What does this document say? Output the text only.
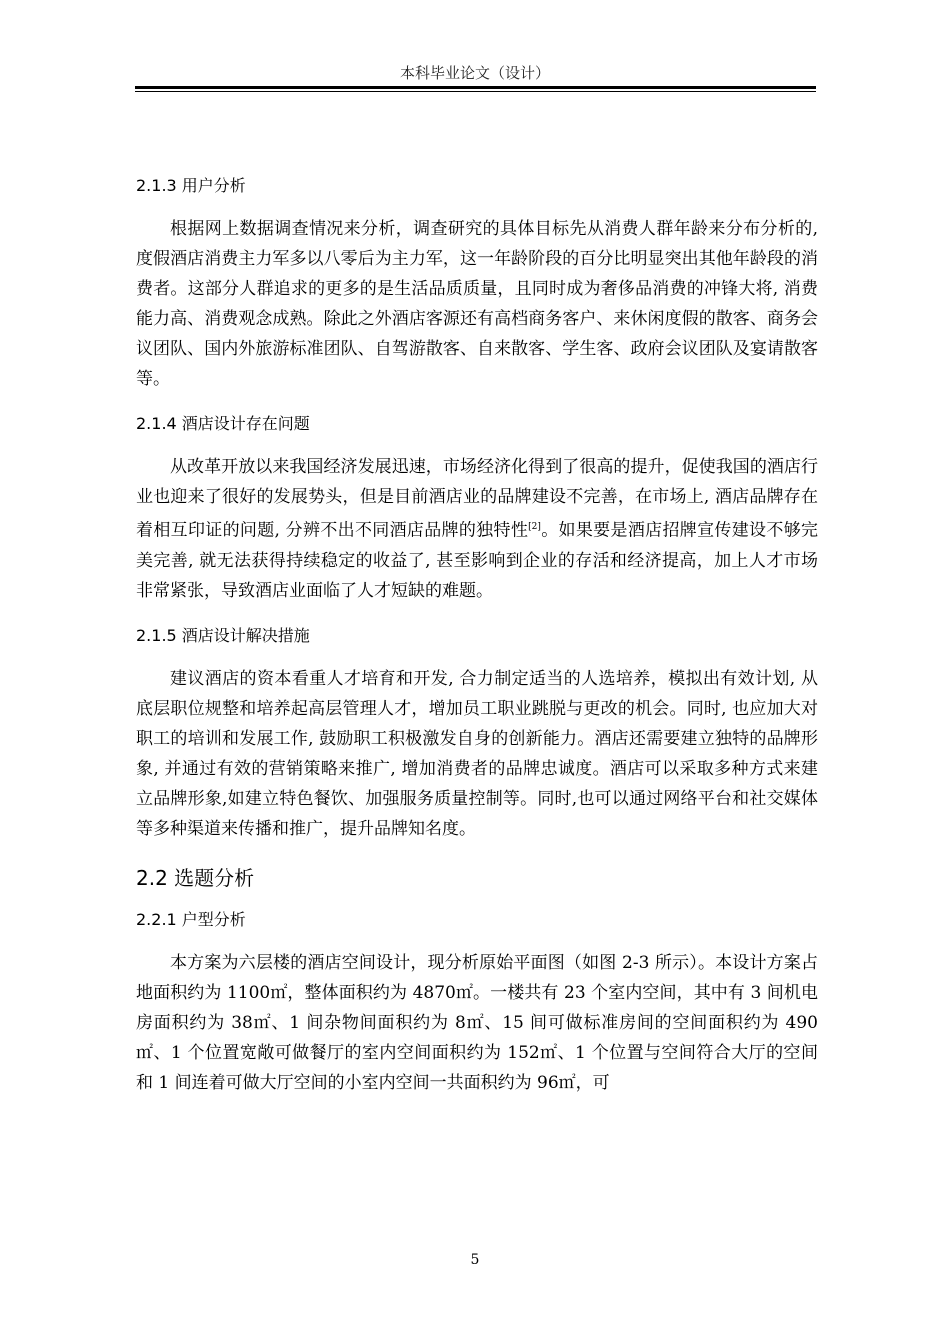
本科毕业论文（设计）

2.1.3 用户分析

根据网上数据调查情况来分析，调查研究的具体目标先从消费人群年龄来分布分析的, 度假酒店消费主力军多以八零后为主力军，这一年龄阶段的百分比明显突出其他年龄段的消费者。这部分人群追求的更多的是生活品质质量，且同时成为奢侈品消费的冲锋大将, 消费能力高、消费观念成熟。除此之外酒店客源还有高档商务客户、来休闲度假的散客、商务会议团队、国内外旅游标准团队、自驾游散客、自来散客、学生客、政府会议团队及宴请散客等。

2.1.4 酒店设计存在问题

从改革开放以来我国经济发展迅速，市场经济化得到了很高的提升，促使我国的酒店行业也迎来了很好的发展势头，但是目前酒店业的品牌建设不完善，在市场上, 酒店品牌存在着相互印证的问题, 分辨不出不同酒店品牌的独特性[2]。如果要是酒店招牌宣传建设不够完美完善, 就无法获得持续稳定的收益了, 甚至影响到企业的存活和经济提高，加上人才市场非常紧张，导致酒店业面临了人才短缺的难题。

2.1.5 酒店设计解决措施

建议酒店的资本看重人才培育和开发, 合力制定适当的人选培养，模拟出有效计划, 从底层职位规整和培养起高层管理人才，增加员工职业跳脱与更改的机会。同时, 也应加大对职工的培训和发展工作, 鼓励职工积极激发自身的创新能力。酒店还需要建立独特的品牌形象, 并通过有效的营销策略来推广, 增加消费者的品牌忠诚度。酒店可以采取多种方式来建立品牌形象,如建立特色餐饮、加强服务质量控制等。同时,也可以通过网络平台和社交媒体等多种渠道来传播和推广，提升品牌知名度。

2.2 选题分析

2.2.1 户型分析

本方案为六层楼的酒店空间设计，现分析原始平面图（如图 2-3 所示）。本设计方案占地面积约为 1100㎡，整体面积约为 4870㎡。一楼共有 23 个室内空间，其中有 3 间机电房面积约为 38㎡、1 间杂物间面积约为 8㎡、15 间可做标准房间的空间面积约为 490㎡、1 个位置宽敞可做餐厅的室内空间面积约为 152㎡、1 个位置与空间符合大厅的空间和 1 间连着可做大厅空间的小室内空间一共面积约为 96㎡，可

5
